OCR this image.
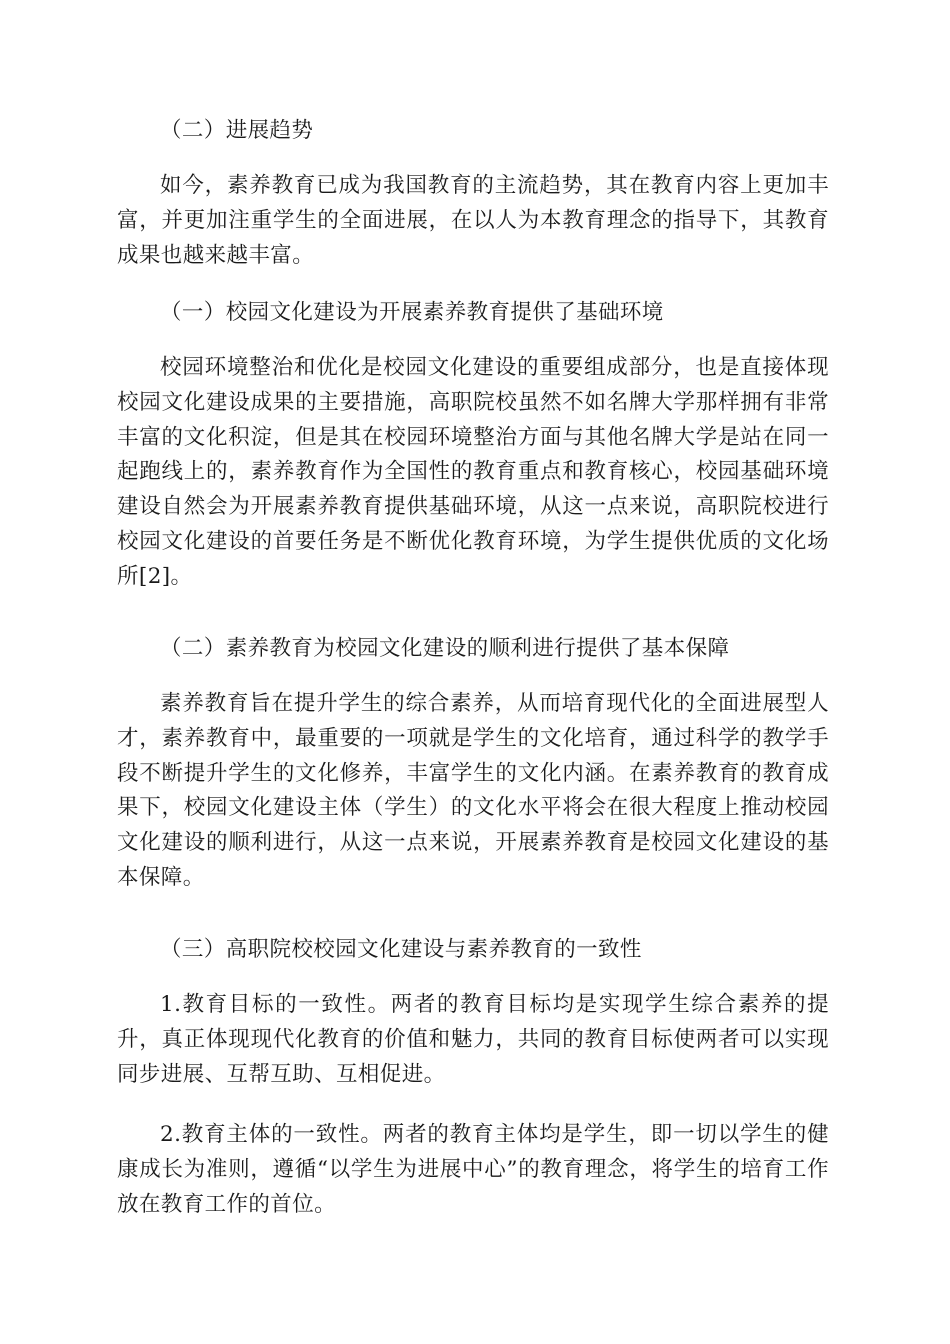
（二）进展趋势

如今，素养教育已成为我国教育的主流趋势，其在教育内容上更加丰富，并更加注重学生的全面进展，在以人为本教育理念的指导下，其教育成果也越来越丰富。

（一）校园文化建设为开展素养教育提供了基础环境

校园环境整治和优化是校园文化建设的重要组成部分，也是直接体现校园文化建设成果的主要措施，高职院校虽然不如名牌大学那样拥有非常丰富的文化积淀，但是其在校园环境整治方面与其他名牌大学是站在同一起跑线上的，素养教育作为全国性的教育重点和教育核心，校园基础环境建设自然会为开展素养教育提供基础环境，从这一点来说，高职院校进行校园文化建设的首要任务是不断优化教育环境，为学生提供优质的文化场所[2]。

（二）素养教育为校园文化建设的顺利进行提供了基本保障

素养教育旨在提升学生的综合素养，从而培育现代化的全面进展型人才，素养教育中，最重要的一项就是学生的文化培育，通过科学的教学手段不断提升学生的文化修养，丰富学生的文化内涵。在素养教育的教育成果下，校园文化建设主体（学生）的文化水平将会在很大程度上推动校园文化建设的顺利进行，从这一点来说，开展素养教育是校园文化建设的基本保障。

（三）高职院校校园文化建设与素养教育的一致性

1.教育目标的一致性。两者的教育目标均是实现学生综合素养的提升，真正体现现代化教育的价值和魅力，共同的教育目标使两者可以实现同步进展、互帮互助、互相促进。

2.教育主体的一致性。两者的教育主体均是学生，即一切以学生的健康成长为准则，遵循“以学生为进展中心”的教育理念，将学生的培育工作放在教育工作的首位。
